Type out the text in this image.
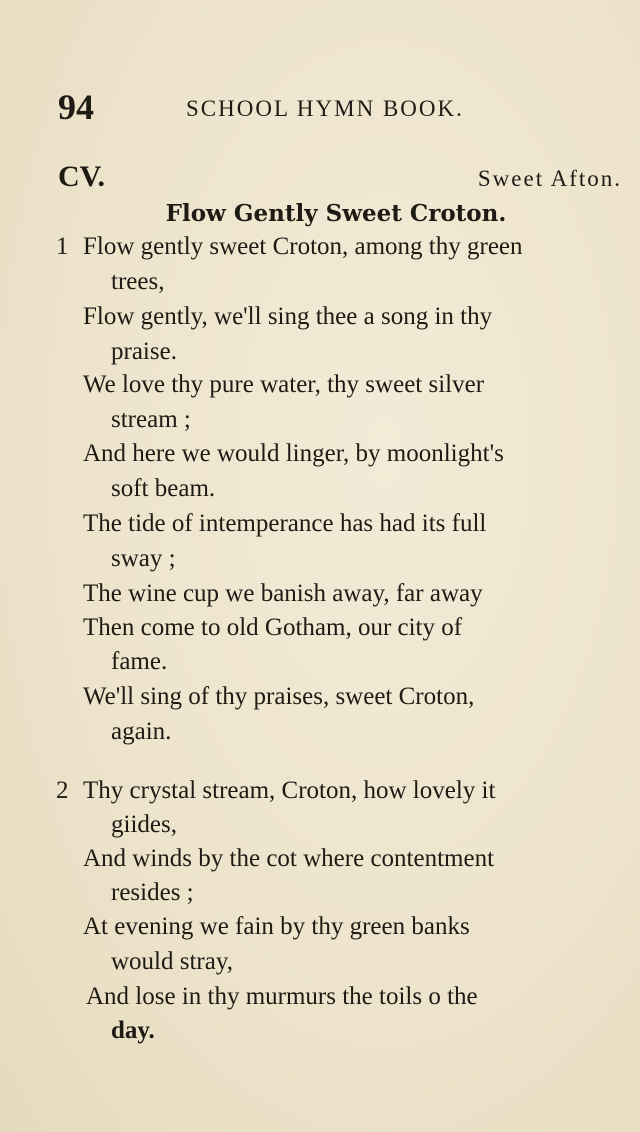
94	SCHOOL HYMN BOOK.
CV.	Sweet Afton.
Flow Gently Sweet Croton.
1 Flow gently sweet Croton, among thy green
trees,
Flow gently, we'll sing thee a song in thy
praise.
We love thy pure water, thy sweet silver
stream ;
And here we would linger, by moonlight's
soft beam.
The tide of intemperance has had its full
sway ;
The wine cup we banish away, far away
Then come to old Gotham, our city of
fame.
We'll sing of thy praises, sweet Croton,
again.
2 Thy crystal stream, Croton, how lovely it
giides,
And winds by the cot where contentment
resides ;
At evening we fain by thy green banks
would stray,
And lose in thy murmurs the toils o the
day.
